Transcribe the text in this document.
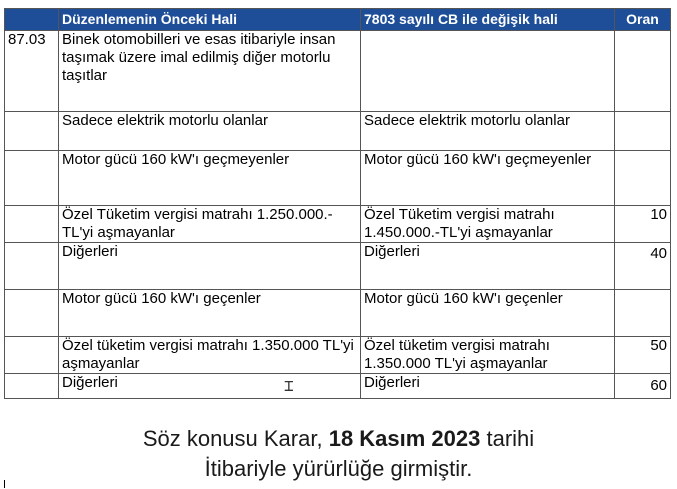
	Düzenlemenin Önceki Hali	7803 sayılı CB ile değişik hali	Oran
87.03	Binek otomobilleri ve esas itibariyle insan taşımak üzere imal edilmiş diğer motorlu taşıtlar		
	Sadece elektrik motorlu olanlar	Sadece elektrik motorlu olanlar	
	Motor gücü 160 kW'ı geçmeyenler	Motor gücü 160 kW'ı geçmeyenler	
	Özel Tüketim vergisi matrahı 1.250.000.-TL'yi aşmayanlar	Özel Tüketim vergisi matrahı 1.450.000.-TL'yi aşmayanlar	10
	Diğerleri	Diğerleri	40
	Motor gücü 160 kW'ı geçenler	Motor gücü 160 kW'ı geçenler	
	Özel tüketim vergisi matrahı 1.350.000 TL'yi aşmayanlar	Özel tüketim vergisi matrahı 1.350.000 TL'yi aşmayanlar	50
	Diğerleri	Diğerleri	60
⌶
Söz konusu Karar, 18 Kasım 2023 tarihi
İtibariyle yürürlüğe girmiştir.
